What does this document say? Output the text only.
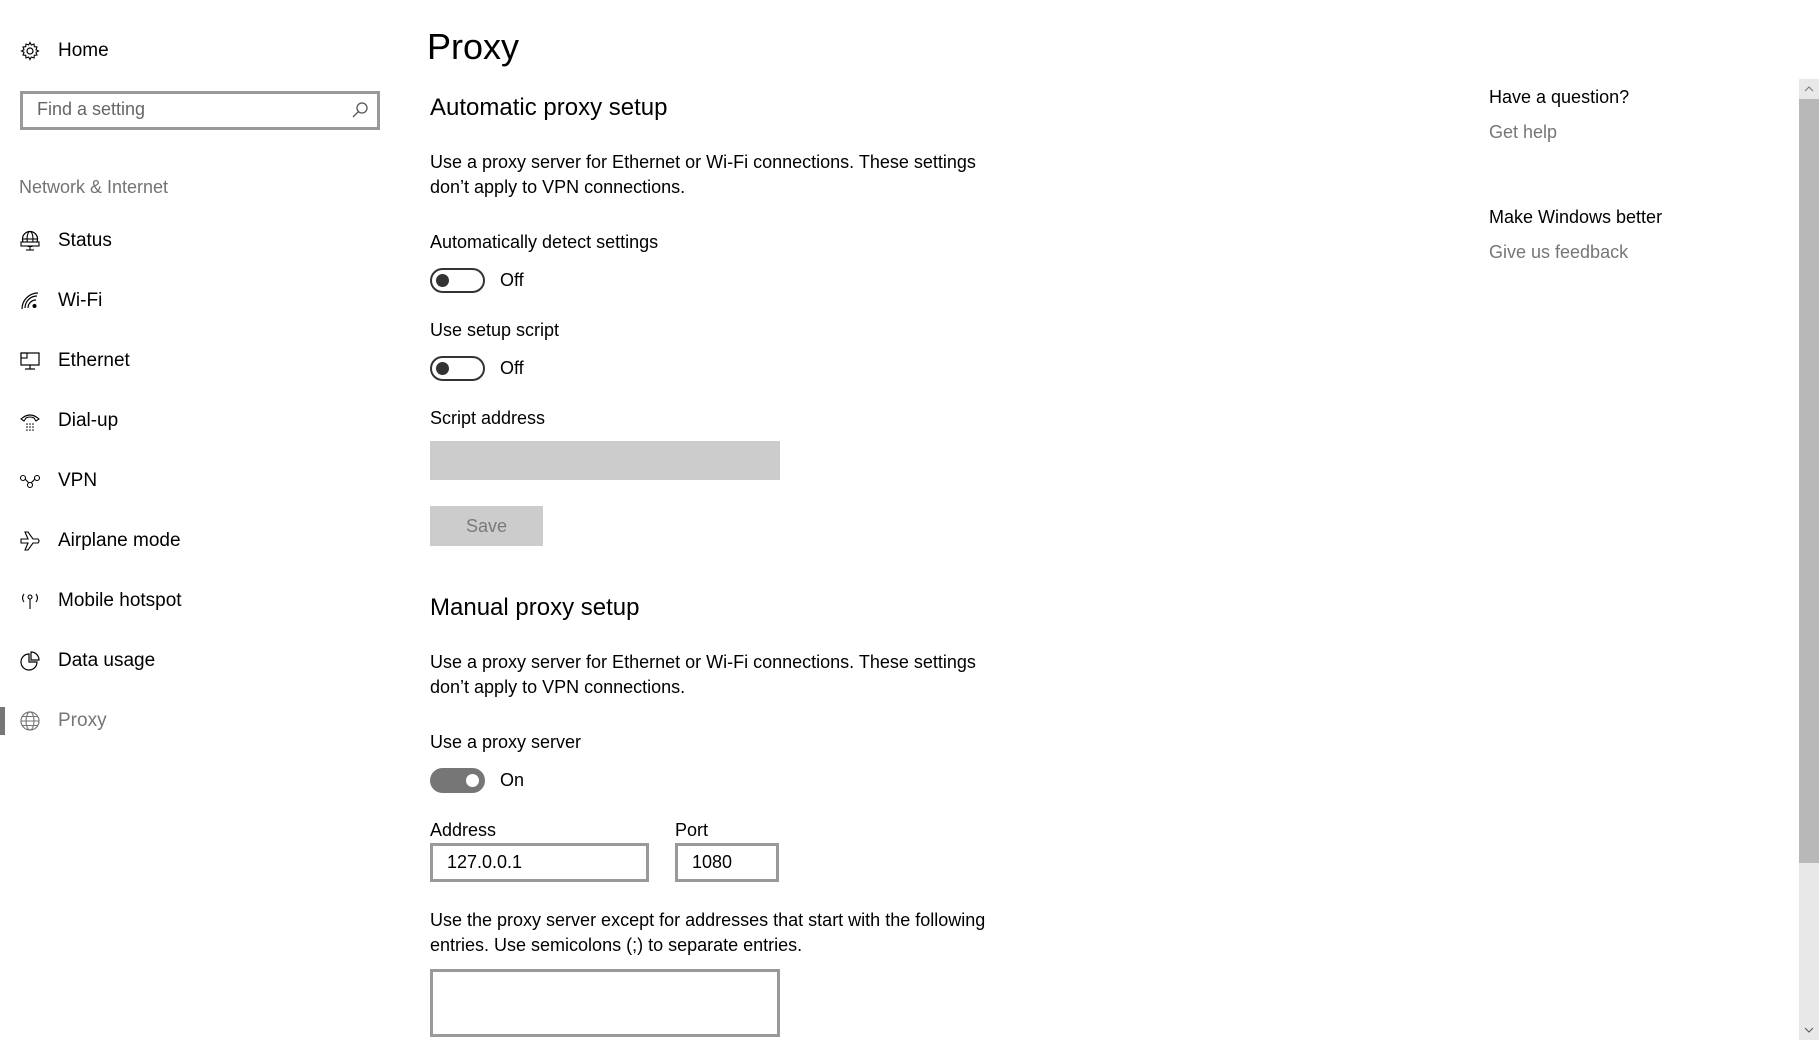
Home
Find a setting
Network & Internet
Status
Wi-Fi
Ethernet
Dial-up
VPN
Airplane mode
Mobile hotspot
Data usage
Proxy
Proxy
Automatic proxy setup
Use a proxy server for Ethernet or Wi-Fi connections. These settings don’t apply to VPN connections.
Automatically detect settings
Off
Use setup script
Off
Script address
Save
Manual proxy setup
Use a proxy server for Ethernet or Wi-Fi connections. These settings don’t apply to VPN connections.
Use a proxy server
On
Address
127.0.0.1
Port
1080
Use the proxy server except for addresses that start with the following entries. Use semicolons (;) to separate entries.
Have a question?
Get help
Make Windows better
Give us feedback
